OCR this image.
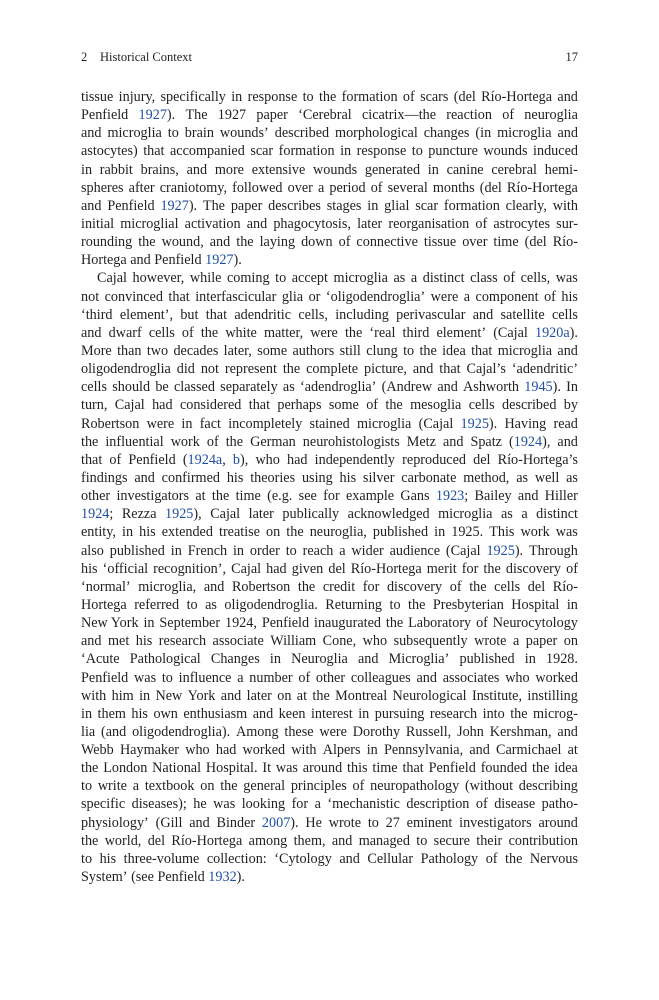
2 Historical Context	17
tissue injury, specifically in response to the formation of scars (del Río-Hortega and
Penfield 1927). The 1927 paper ‘Cerebral cicatrix—the reaction of neuroglia
and microglia to brain wounds’ described morphological changes (in microglia and
astocytes) that accompanied scar formation in response to puncture wounds induced
in rabbit brains, and more extensive wounds generated in canine cerebral hemi-
spheres after craniotomy, followed over a period of several months (del Río-Hortega
and Penfield 1927). The paper describes stages in glial scar formation clearly, with
initial microglial activation and phagocytosis, later reorganisation of astrocytes sur-
rounding the wound, and the laying down of connective tissue over time (del Río-
Hortega and Penfield 1927).
Cajal however, while coming to accept microglia as a distinct class of cells, was
not convinced that interfascicular glia or ‘oligodendroglia’ were a component of his
‘third element’, but that adendritic cells, including perivascular and satellite cells
and dwarf cells of the white matter, were the ‘real third element’ (Cajal 1920a).
More than two decades later, some authors still clung to the idea that microglia and
oligodendroglia did not represent the complete picture, and that Cajal’s ‘adendritic’
cells should be classed separately as ‘adendroglia’ (Andrew and Ashworth 1945). In
turn, Cajal had considered that perhaps some of the mesoglia cells described by
Robertson were in fact incompletely stained microglia (Cajal 1925). Having read
the influential work of the German neurohistologists Metz and Spatz (1924), and
that of Penfield (1924a, b), who had independently reproduced del Río-Hortega’s
findings and confirmed his theories using his silver carbonate method, as well as
other investigators at the time (e.g. see for example Gans 1923; Bailey and Hiller
1924; Rezza 1925), Cajal later publically acknowledged microglia as a distinct
entity, in his extended treatise on the neuroglia, published in 1925. This work was
also published in French in order to reach a wider audience (Cajal 1925). Through
his ‘official recognition’, Cajal had given del Río-Hortega merit for the discovery of
‘normal’ microglia, and Robertson the credit for discovery of the cells del Río-
Hortega referred to as oligodendroglia. Returning to the Presbyterian Hospital in
New York in September 1924, Penfield inaugurated the Laboratory of Neurocytology
and met his research associate William Cone, who subsequently wrote a paper on
‘Acute Pathological Changes in Neuroglia and Microglia’ published in 1928.
Penfield was to influence a number of other colleagues and associates who worked
with him in New York and later on at the Montreal Neurological Institute, instilling
in them his own enthusiasm and keen interest in pursuing research into the microg-
lia (and oligodendroglia). Among these were Dorothy Russell, John Kershman, and
Webb Haymaker who had worked with Alpers in Pennsylvania, and Carmichael at
the London National Hospital. It was around this time that Penfield founded the idea
to write a textbook on the general principles of neuropathology (without describing
specific diseases); he was looking for a ‘mechanistic description of disease patho-
physiology’ (Gill and Binder 2007). He wrote to 27 eminent investigators around
the world, del Río-Hortega among them, and managed to secure their contribution
to his three-volume collection: ‘Cytology and Cellular Pathology of the Nervous
System’ (see Penfield 1932).
